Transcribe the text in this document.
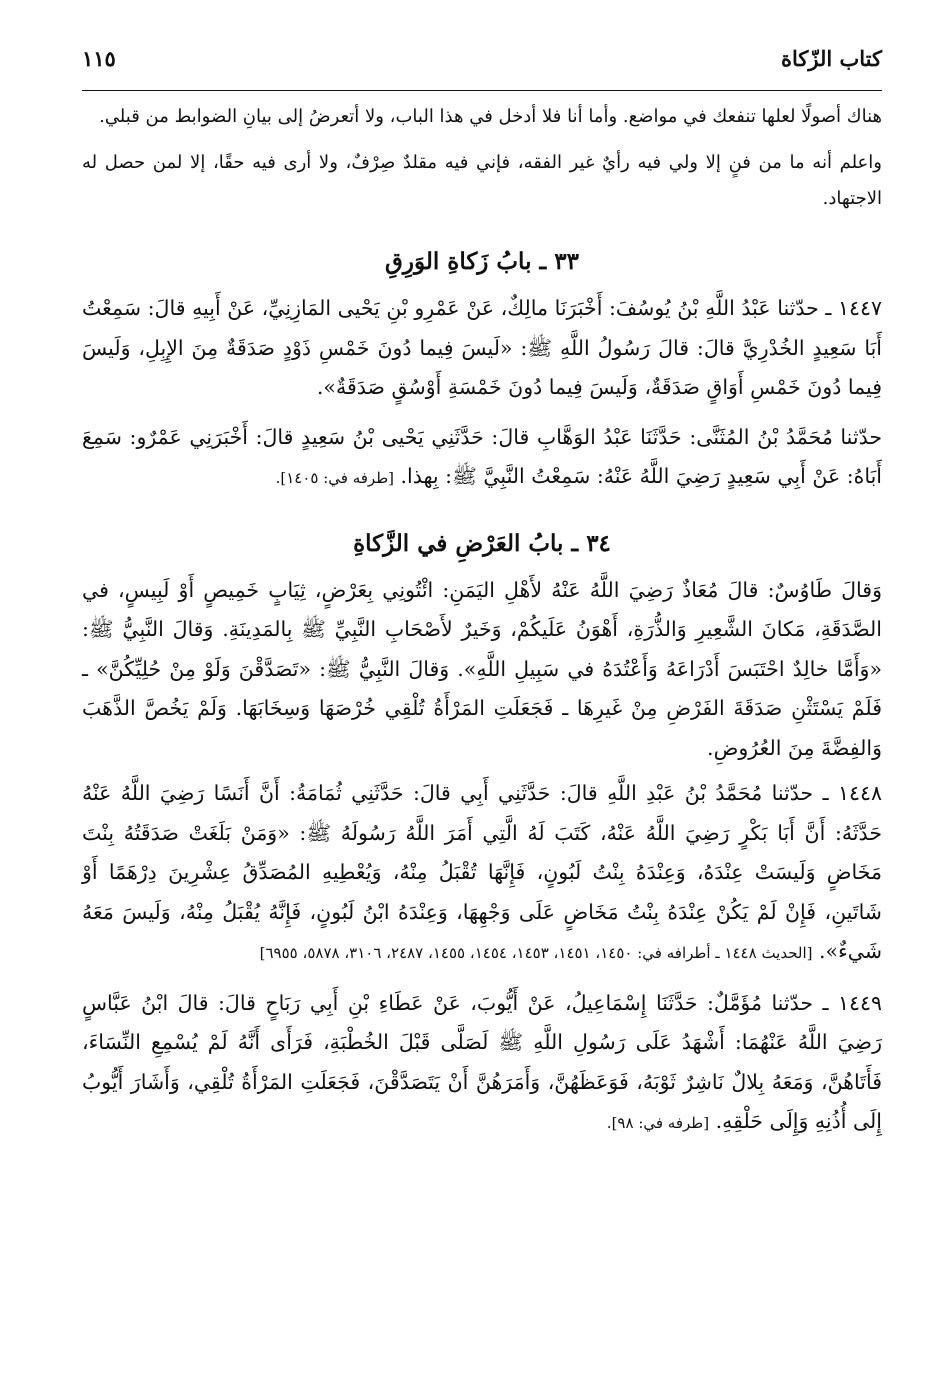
كتاب الزّكاة
١١٥

هناك أصولًا لعلها تنفعك في مواضع. وأما أنا فلا أدخل في هذا الباب، ولا أتعرضُ إلى بيانِ الضوابط من قبلي.

واعلم أنه ما من فنٍ إلا ولي فيه رأيٌ غير الفقه، فإني فيه مقلدٌ صِرْفٌ، ولا أرى فيه حقًا، إلا لمن حصل له الاجتهاد.

٣٣ ـ بابُ زَكاةِ الوَرِقِ

١٤٤٧ ـ حدّثنا عَبْدُ اللَّهِ بْنُ يُوسُفَ: أَخْبَرَنَا مالِكٌ، عَنْ عَمْرِو بْنِ يَحْيى المَازِنِيِّ، عَنْ أَبِيهِ قالَ: سَمِعْتُ أَبَا سَعِيدٍ الخُدْرِيَّ قالَ: قالَ رَسُولُ اللَّهِ ﷺ: «لَيسَ فِيما دُونَ خَمْسِ ذَوْدٍ صَدَقَةٌ مِنَ الإِبِلِ، وَلَيسَ فِيما دُونَ خَمْسِ أَوَاقٍ صَدَقَةٌ، وَلَيسَ فِيما دُونَ خَمْسَةِ أَوْسُقٍ صَدَقَةٌ».

حدّثنا مُحَمَّدُ بْنُ المُثَنَّى: حَدَّثَنَا عَبْدُ الوَهَّابِ قالَ: حَدَّثَنِي يَحْيى بْنُ سَعِيدٍ قالَ: أَخْبَرَنِي عَمْرٌو: سَمِعَ أَبَاهُ: عَنْ أَبِي سَعِيدٍ رَضِيَ اللَّهُ عَنْهُ: سَمِعْتُ النَّبِيَّ ﷺ: بِهذا. [طرفه في: ١٤٠٥].

٣٤ ـ بابُ العَرْضِ في الزَّكاةِ

وَقالَ طَاوُسٌ: قالَ مُعَاذٌ رَضِيَ اللَّهُ عَنْهُ لأَهْلِ اليَمَنِ: ائْتُونِي بِعَرْضٍ، ثِيَابٍ خَمِيصٍ أَوْ لَبِيسٍ، في الصَّدَقَةِ، مَكانَ الشَّعِيرِ وَالذُّرَةِ، أَهْوَنُ عَلَيكُمْ، وَخَيرٌ لأَصْحَابِ النَّبِيِّ ﷺ بِالمَدِينَةِ. وَقالَ النَّبِيُّ ﷺ: «وَأَمَّا خالِدٌ احْتَبَسَ أَدْرَاعَهُ وَأَعْتُدَهُ في سَبِيلِ اللَّهِ». وَقالَ النَّبِيُّ ﷺ: «تَصَدَّقْنَ وَلَوْ مِنْ حُلِيِّكُنَّ» ـ فَلَمْ يَسْتَثْنِ صَدَقَةَ الفَرْضِ مِنْ غَيرِهَا ـ فَجَعَلَتِ المَرْأَةُ تُلْقِي خُرْصَهَا وَسِخَابَهَا. وَلَمْ يَخُصَّ الذَّهَبَ وَالفِضَّةَ مِنَ العُرُوضِ.

١٤٤٨ ـ حدّثنا مُحَمَّدُ بْنُ عَبْدِ اللَّهِ قالَ: حَدَّثَنِي أَبِي قالَ: حَدَّثَنِي ثُمَامَةُ: أَنَّ أَنَسًا رَضِيَ اللَّهُ عَنْهُ حَدَّثَهُ: أَنَّ أَبَا بَكْرٍ رَضِيَ اللَّهُ عَنْهُ، كَتَبَ لَهُ الَّتِي أَمَرَ اللَّهُ رَسُولَهُ ﷺ: «وَمَنْ بَلَغَتْ صَدَقَتُهُ بِنْتَ مَخَاضٍ وَلَيسَتْ عِنْدَهُ، وَعِنْدَهُ بِنْتُ لَبُونٍ، فَإِنَّهَا تُقْبَلُ مِنْهُ، وَيُعْطِيهِ المُصَدِّقُ عِشْرِينَ دِرْهَمًا أَوْ شَاتَينِ، فَإِنْ لَمْ يَكُنْ عِنْدَهُ بِنْتُ مَخَاضٍ عَلَى وَجْهِهَا، وَعِنْدَهُ ابْنُ لَبُونٍ، فَإِنَّهُ يُقْبَلُ مِنْهُ، وَلَيسَ مَعَهُ شَيءٌ». [الحديث ١٤٤٨ ـ أطرافه في: ١٤٥٠، ١٤٥١، ١٤٥٣، ١٤٥٤، ١٤٥٥، ٢٤٨٧، ٣١٠٦، ٥٨٧٨، ٦٩٥٥]

١٤٤٩ ـ حدّثنا مُؤَمَّلٌ: حَدَّثَنَا إِسْمَاعِيلُ، عَنْ أَيُّوبَ، عَنْ عَطَاءِ بْنِ أَبِي رَبَاحٍ قالَ: قالَ ابْنُ عَبَّاسٍ رَضِيَ اللَّهُ عَنْهُمَا: أَشْهَدُ عَلَى رَسُولِ اللَّهِ ﷺ لَصَلَّى قَبْلَ الخُطْبَةِ، فَرَأَى أَنَّهُ لَمْ يُسْمِعِ النِّسَاءَ، فَأَتَاهُنَّ، وَمَعَهُ بِلالٌ نَاشِرٌ ثَوْبَهُ، فَوَعَظَهُنَّ، وَأَمَرَهُنَّ أَنْ يَتَصَدَّقْنَ، فَجَعَلَتِ المَرْأَةُ تُلْقِي، وَأَشَارَ أَيُّوبُ إِلَى أُذُنِهِ وَإِلَى حَلْقِهِ. [طرفه في: ٩٨].
